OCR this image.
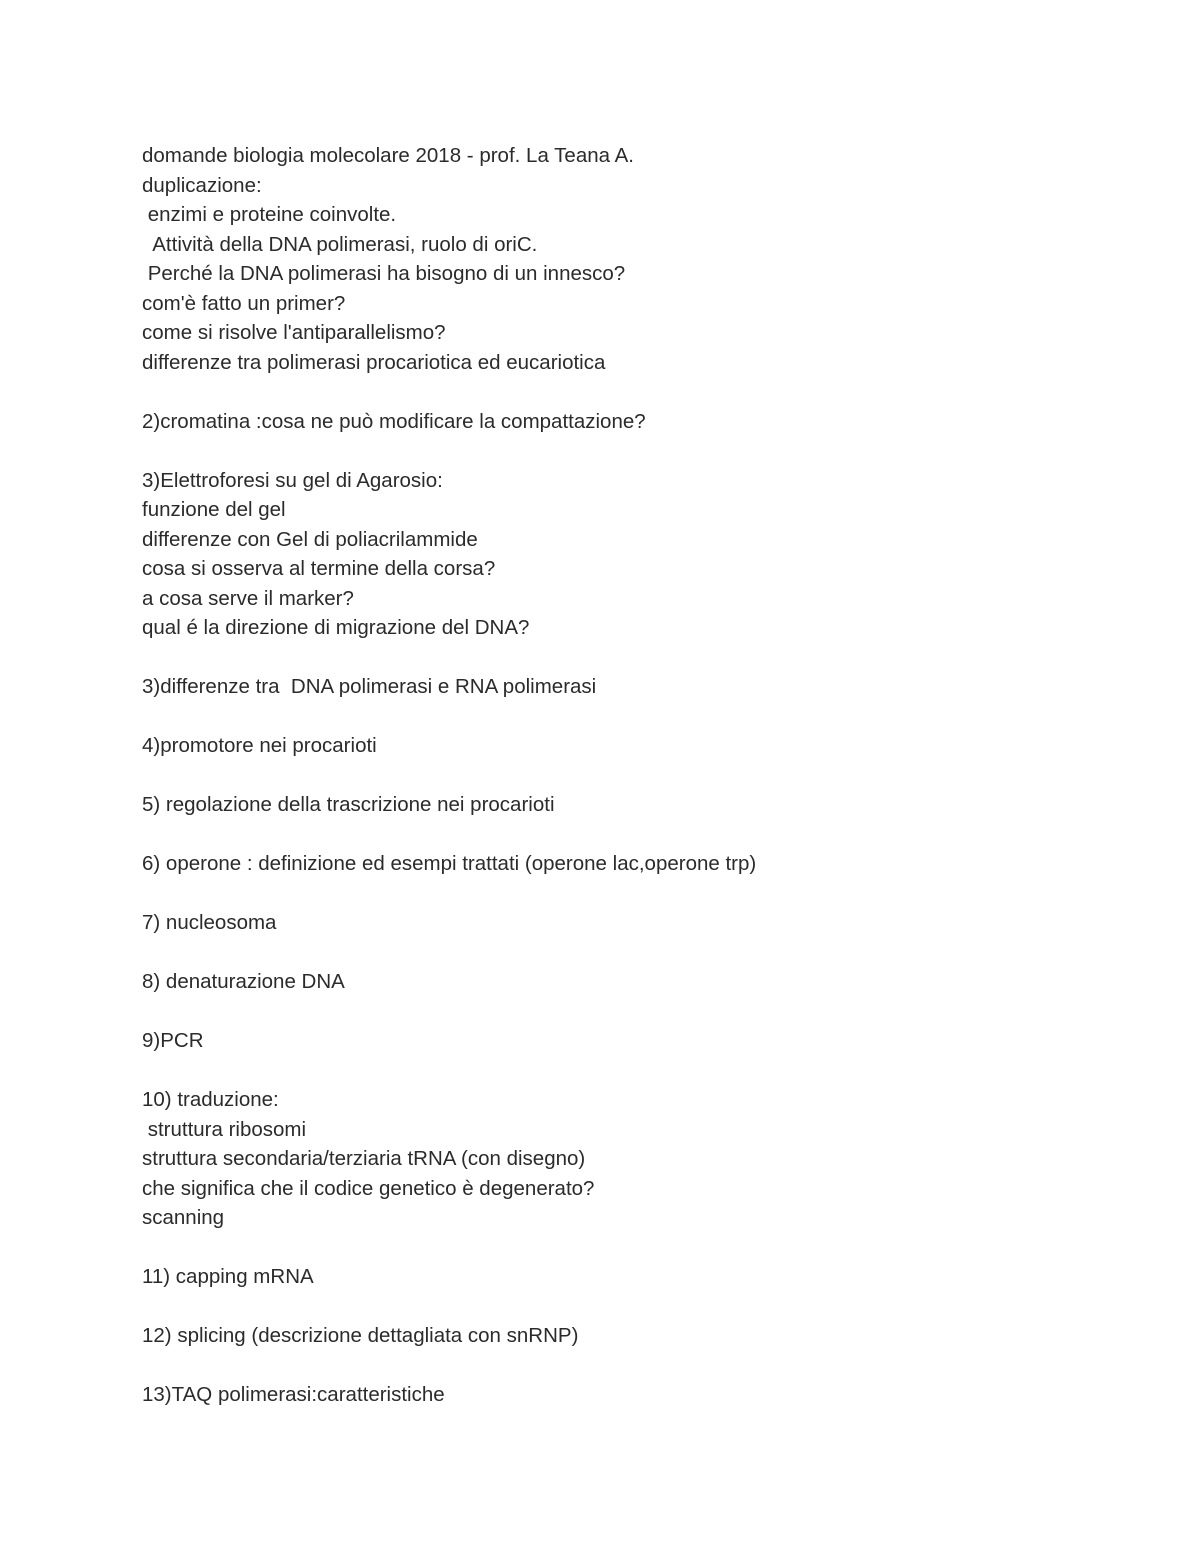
domande biologia molecolare 2018 - prof. La Teana A.
duplicazione:
enzimi e proteine coinvolte.
Attività della DNA polimerasi, ruolo di oriC.
Perché la DNA polimerasi ha bisogno di un innesco?
com'è fatto un primer?
come si risolve l'antiparallelismo?
differenze tra polimerasi procariotica ed eucariotica
2)cromatina :cosa ne può modificare la compattazione?
3)Elettroforesi su gel di Agarosio:
funzione del gel
differenze con Gel di poliacrilammide
cosa si osserva al termine della corsa?
a cosa serve il marker?
qual é la direzione di migrazione del DNA?
3)differenze tra  DNA polimerasi e RNA polimerasi
4)promotore nei procarioti
5) regolazione della trascrizione nei procarioti
6) operone : definizione ed esempi trattati (operone lac,operone trp)
7) nucleosoma
8) denaturazione DNA
9)PCR
10) traduzione:
struttura ribosomi
struttura secondaria/terziaria tRNA (con disegno)
che significa che il codice genetico è degenerato?
scanning
11) capping mRNA
12) splicing (descrizione dettagliata con snRNP)
13)TAQ polimerasi:caratteristiche
